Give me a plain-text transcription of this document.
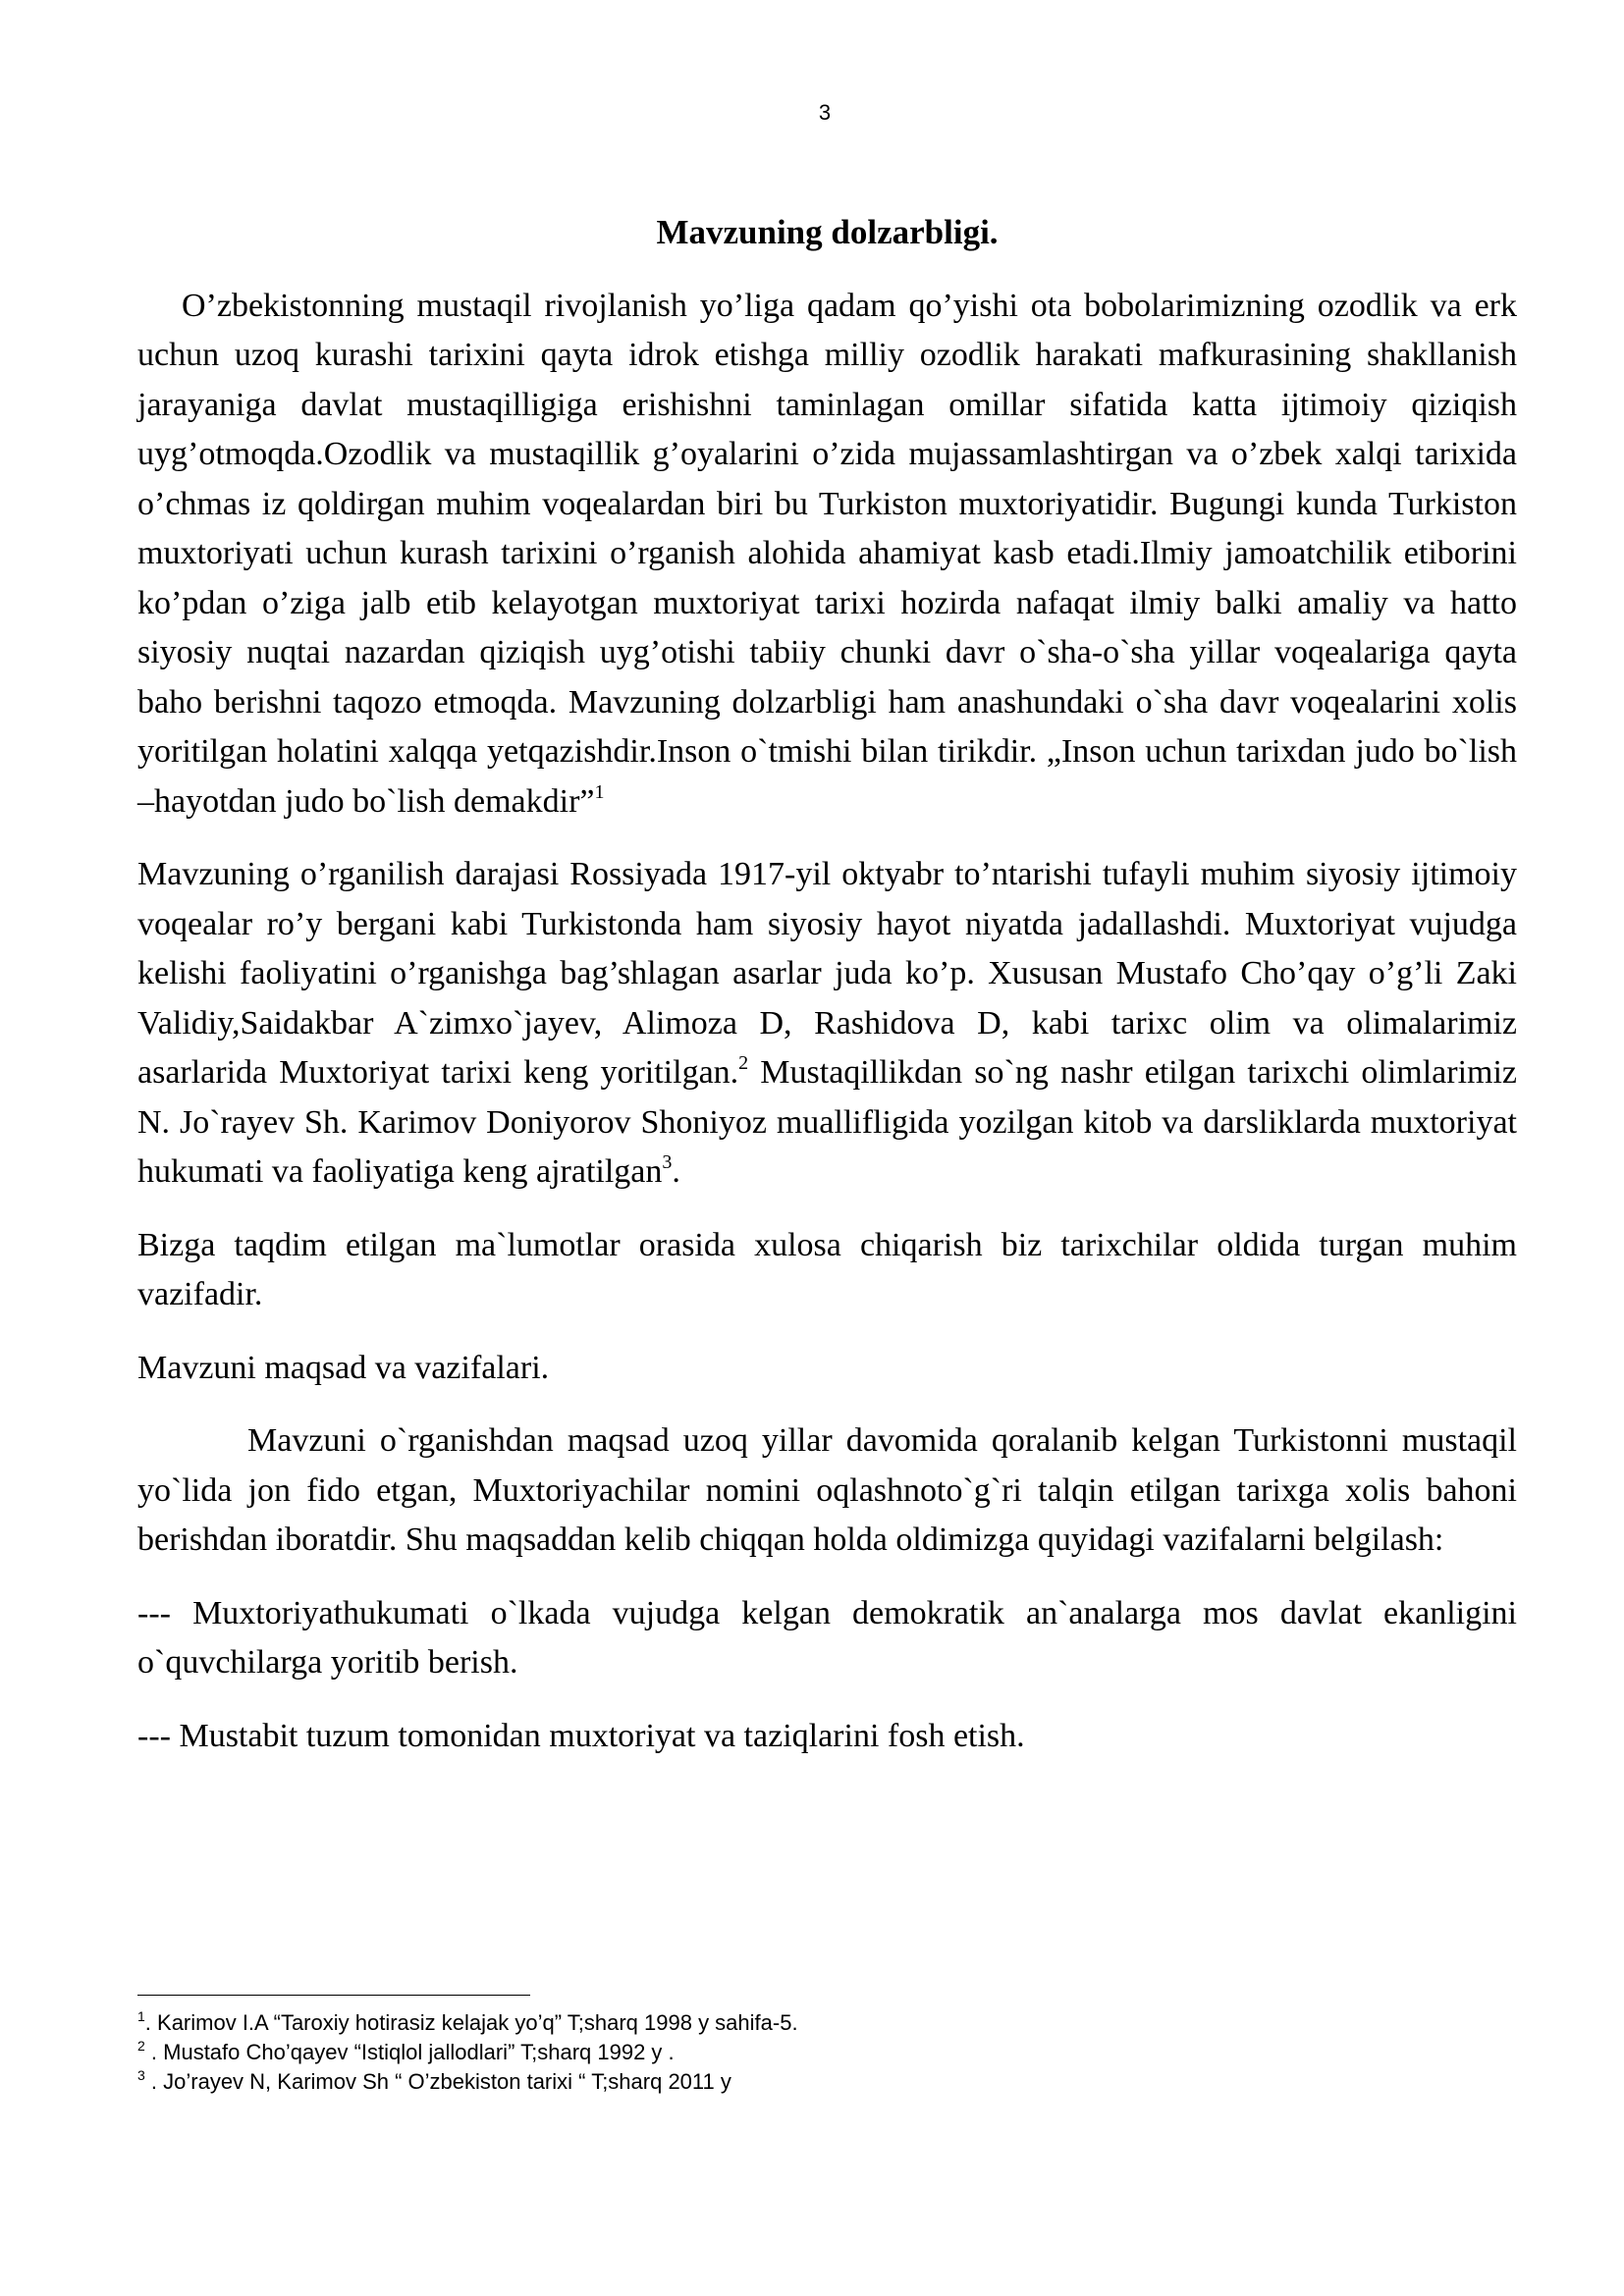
3
Mavzuning dolzarbligi.

O’zbekistonning mustaqil rivojlanish yo’liga qadam qo’yishi ota bobolarimizning ozodlik va erk uchun uzoq kurashi tarixini qayta idrok etishga milliy ozodlik harakati mafkurasining shakllanish jarayaniga davlat mustaqilligiga erishishni taminlagan omillar sifatida katta ijtimoiy qiziqish uyg’otmoqda.Ozodlik va mustaqillik g’oyalarini o’zida mujassamlashtirgan va o’zbek xalqi tarixida o’chmas iz qoldirgan muhim voqealardan biri bu Turkiston muxtoriyatidir. Bugungi kunda Turkiston muxtoriyati uchun kurash tarixini o’rganish alohida ahamiyat kasb etadi.Ilmiy jamoatchilik etiborini ko’pdan o’ziga jalb etib kelayotgan muxtoriyat tarixi hozirda nafaqat ilmiy balki amaliy va hatto siyosiy nuqtai nazardan qiziqish uyg’otishi tabiiy chunki davr o`sha-o`sha yillar voqealariga qayta baho berishni taqozo etmoqda. Mavzuning dolzarbligi ham anashundaki o`sha davr voqealarini xolis yoritilgan holatini xalqqa yetqazishdir.Inson o`tmishi bilan tirikdir. „Inson uchun tarixdan judo bo`lish –hayotdan judo bo`lish demakdir”$^1$

Mavzuning o’rganilish darajasi Rossiyada 1917-yil oktyabr to’ntarishi tufayli muhim siyosiy ijtimoiy voqealar ro’y bergani kabi Turkistonda ham siyosiy hayot niyatda jadallashdi. Muxtoriyat vujudga kelishi faoliyatini o’rganishga bag’shlagan asarlar juda ko’p. Xususan Mustafo Cho’qay o’g’li Zaki Validiy,Saidakbar A`zimxo`jayev, Alimoza D, Rashidova D, kabi tarixc olim va olimalarimiz asarlarida Muxtoriyat tarixi keng yoritilgan.$^2$ Mustaqillikdan so`ng nashr etilgan tarixchi olimlarimiz N. Jo`rayev Sh. Karimov Doniyorov Shoniyoz muallifligida yozilgan kitob va darsliklarda muxtoriyat hukumati va faoliyatiga keng ajratilgan$^3$.

Bizga taqdim etilgan ma`lumotlar orasida xulosa chiqarish biz tarixchilar oldida turgan muhim vazifadir.

Mavzuni maqsad va vazifalari.

Mavzuni o`rganishdan maqsad uzoq yillar davomida qoralanib kelgan Turkistonni mustaqil yo`lida jon fido etgan, Muxtoriyachilar nomini oqlashnoto`g`ri talqin etilgan tarixga xolis bahoni berishdan iboratdir. Shu maqsaddan kelib chiqqan holda oldimizga quyidagi vazifalarni belgilash:

--- Muxtoriyathukumati o`lkada vujudga kelgan demokratik an`analarga mos davlat ekanligini o`quvchilarga yoritib berish.

--- Mustabit tuzum tomonidan muxtoriyat va taziqlarini fosh etish.

$^1$. Karimov I.A “Taroxiy hotirasiz kelajak yo’q” T;sharq 1998 y sahifa-5.
$^2$ . Mustafo Cho’qayev “Istiqlol jallodlari” T;sharq 1992 y .
$^3$ . Jo’rayev N, Karimov Sh “ O’zbekiston tarixi “ T;sharq 2011 y
